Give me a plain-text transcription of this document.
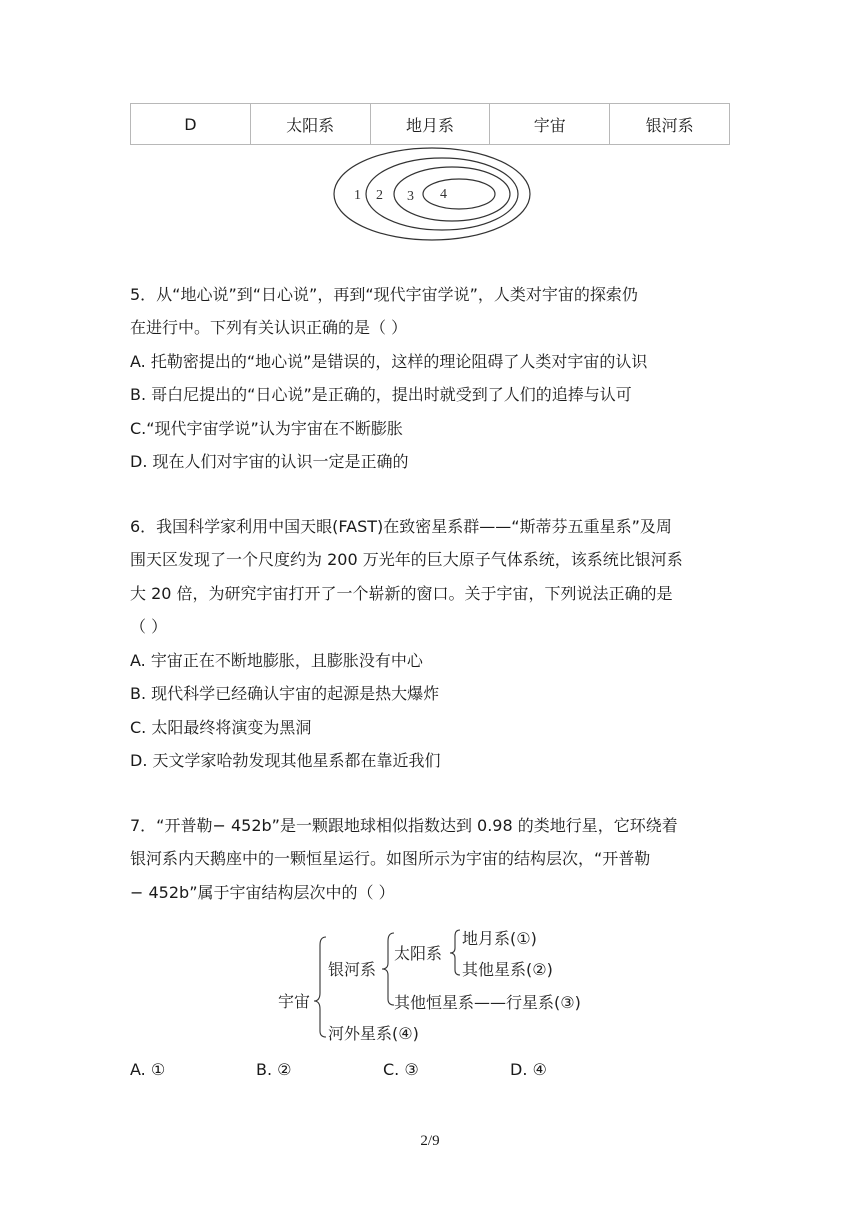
D	太阳系	地月系	宇宙	银河系
1 2 3 4
5．从“地心说”到“日心说”，再到“现代宇宙学说”，人类对宇宙的探索仍
在进行中。下列有关认识正确的是（ ）
A. 托勒密提出的“地心说”是错误的，这样的理论阻碍了人类对宇宙的认识
B. 哥白尼提出的“日心说”是正确的，提出时就受到了人们的追捧与认可
C.“现代宇宙学说”认为宇宙在不断膨胀
D. 现在人们对宇宙的认识一定是正确的
6．我国科学家利用中国天眼(FAST)在致密星系群——“斯蒂芬五重星系”及周
围天区发现了一个尺度约为 200 万光年的巨大原子气体系统，该系统比银河系
大 20 倍，为研究宇宙打开了一个崭新的窗口。关于宇宙，下列说法正确的是
（ ）
A. 宇宙正在不断地膨胀，且膨胀没有中心
B. 现代科学已经确认宇宙的起源是热大爆炸
C. 太阳最终将演变为黑洞
D. 天文学家哈勃发现其他星系都在靠近我们
7．“开普勒− 452b”是一颗跟地球相似指数达到 0.98 的类地行星，它环绕着
银河系内天鹅座中的一颗恒星运行。如图所示为宇宙的结构层次，“开普勒
− 452b”属于宇宙结构层次中的（ ）
宇宙
银河系
河外星系(④)
太阳系
其他恒星系——行星系(③)
地月系(①)
其他星系(②)
A. ①	B. ②	C. ③	D. ④
2/9
